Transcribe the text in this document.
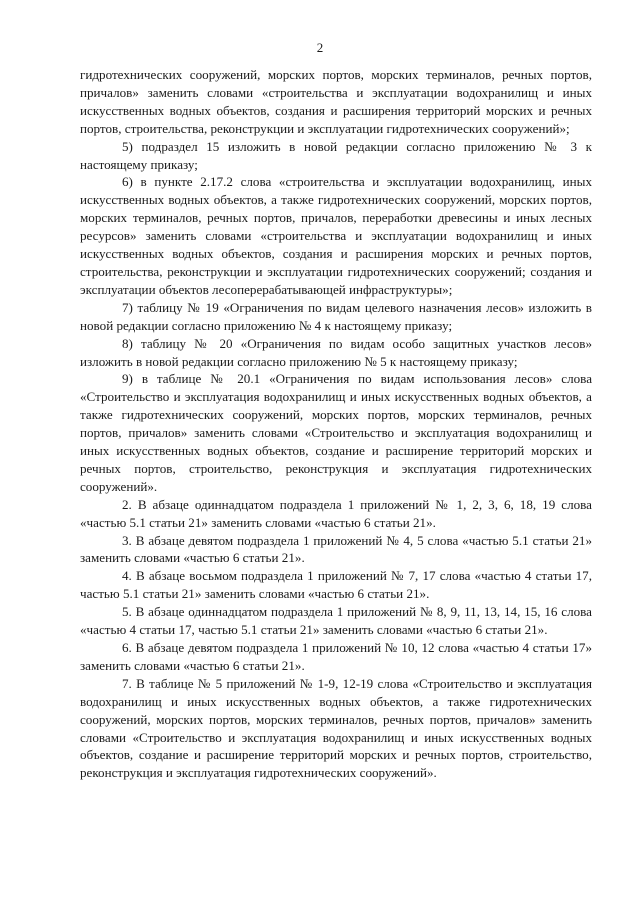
2

гидротехнических сооружений, морских портов, морских терминалов, речных портов, причалов» заменить словами «строительства и эксплуатации водохранилищ и иных искусственных водных объектов, создания и расширения территорий морских и речных портов, строительства, реконструкции и эксплуатации гидротехнических сооружений»;

5) подраздел 15 изложить в новой редакции согласно приложению № 3 к настоящему приказу;

6) в пункте 2.17.2 слова «строительства и эксплуатации водохранилищ, иных искусственных водных объектов, а также гидротехнических сооружений, морских портов, морских терминалов, речных портов, причалов, переработки древесины и иных лесных ресурсов» заменить словами «строительства и эксплуатации водохранилищ и иных искусственных водных объектов, создания и расширения морских и речных портов, строительства, реконструкции и эксплуатации гидротехнических сооружений; создания и эксплуатации объектов лесоперерабатывающей инфраструктуры»;

7) таблицу № 19 «Ограничения по видам целевого назначения лесов» изложить в новой редакции согласно приложению № 4 к настоящему приказу;

8) таблицу № 20 «Ограничения по видам особо защитных участков лесов» изложить в новой редакции согласно приложению № 5 к настоящему приказу;

9) в таблице № 20.1 «Ограничения по видам использования лесов» слова «Строительство и эксплуатация водохранилищ и иных искусственных водных объектов, а также гидротехнических сооружений, морских портов, морских терминалов, речных портов, причалов» заменить словами «Строительство и эксплуатация водохранилищ и иных искусственных водных объектов, создание и расширение территорий морских и речных портов, строительство, реконструкция и эксплуатация гидротехнических сооружений».

2. В абзаце одиннадцатом подраздела 1 приложений № 1, 2, 3, 6, 18, 19 слова «частью 5.1 статьи 21» заменить словами «частью 6 статьи 21».

3. В абзаце девятом подраздела 1 приложений № 4, 5 слова «частью 5.1 статьи 21» заменить словами «частью 6 статьи 21».

4. В абзаце восьмом подраздела 1 приложений № 7, 17 слова «частью 4 статьи 17, частью 5.1 статьи 21» заменить словами «частью 6 статьи 21».

5. В абзаце одиннадцатом подраздела 1 приложений № 8, 9, 11, 13, 14, 15, 16 слова «частью 4 статьи 17, частью 5.1 статьи 21» заменить словами «частью 6 статьи 21».

6. В абзаце девятом подраздела 1 приложений № 10, 12 слова «частью 4 статьи 17» заменить словами «частью 6 статьи 21».

7. В таблице № 5 приложений № 1-9, 12-19 слова «Строительство и эксплуатация водохранилищ и иных искусственных водных объектов, а также гидротехнических сооружений, морских портов, морских терминалов, речных портов, причалов» заменить словами «Строительство и эксплуатация водохранилищ и иных искусственных водных объектов, создание и расширение территорий морских и речных портов, строительство, реконструкция и эксплуатация гидротехнических сооружений».
